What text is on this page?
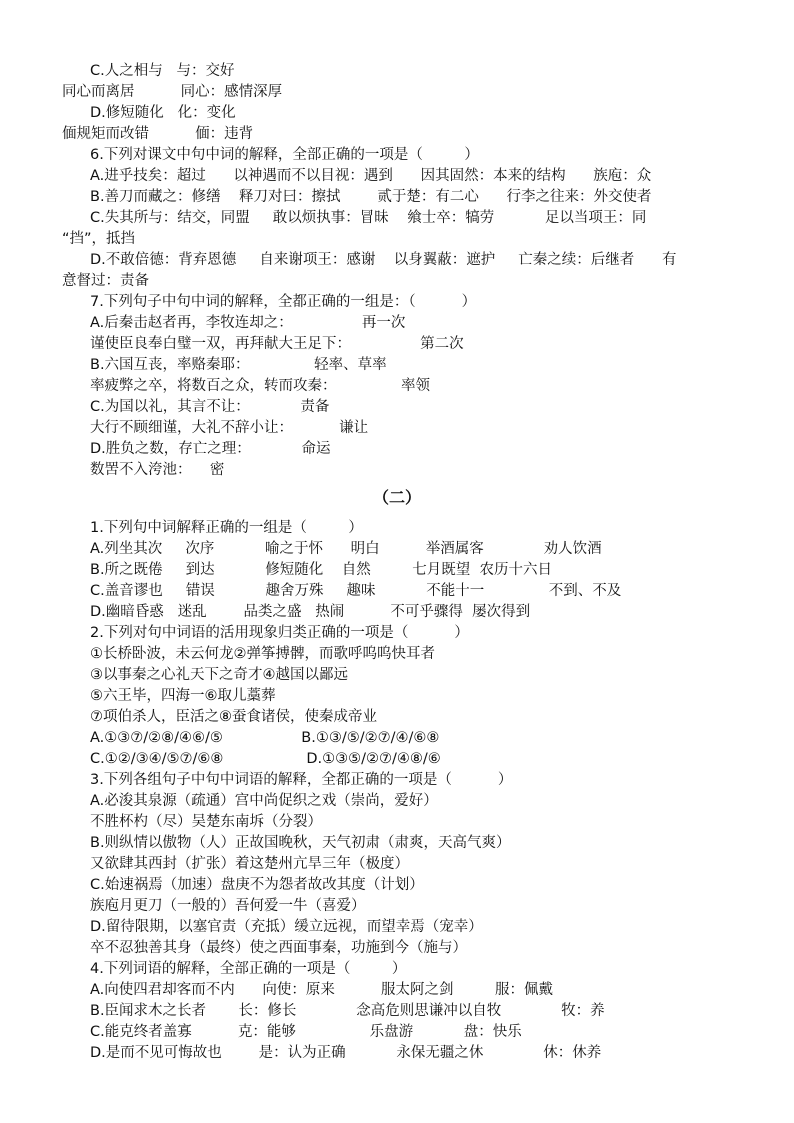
C.人之相与   与：交好
同心而离居          同心：感情深厚
D.修短随化   化：变化
偭规矩而改错          偭：违背
6.下列对课文中句中词的解释，全部正确的一项是（         ）
A.进乎技矣：超过      以神遇而不以目视：遇到      因其固然：本来的结构      族庖：众
B.善刀而藏之：修缮    释刀对曰：擦拭        贰于楚：有二心      行李之往来：外交使者
C.失其所与：结交，同盟     敢以烦执事：冒昧    飨士卒：犒劳           足以当项王：同
“挡”，抵挡
D.不敢倍德：背弃恩德     自来谢项王：感谢    以身翼蔽：遮护     亡秦之续：后继者      有
意督过：责备
7.下列句子中句中词的解释，全都正确的一组是：（          ）
A.后秦击赵者再，李牧连却之：               再一次
谨使臣良奉白璧一双，再拜献大王足下：               第二次
B.六国互丧，率赂秦耶：              轻率、草率
率疲弊之卒，将数百之众，转而攻秦：              率领
C.为国以礼，其言不让：           责备
大行不顾细谨，大礼不辞小让：          谦让
D.胜负之数，存亡之理：           命运
数罟不入洿池：    密
（二）
1.下列句中词解释正确的一组是（         ）
A.列坐其次     次序           喻之于怀      明白          举酒属客             劝人饮酒
B.所之既倦     到达           修短随化    自然         七月既望  农历十六日
C.盖音谬也     错误           趣舍万殊     趣味           不能十一              不到、不及
D.幽暗昏惑   迷乱        品类之盛   热闹          不可乎骤得  屡次得到
2.下列对句中词语的活用现象归类正确的一项是（          ）
①长桥卧波，未云何龙②弹筝搏髀，而歌呼呜呜快耳者
③以事秦之心礼天下之奇才④越国以鄙远
⑤六王毕，四海一⑥取儿藁葬
⑦项伯杀人，臣活之⑧蚕食诸侯，使秦成帝业
A.①③⑦/②⑧/④⑥/⑤                 B.①③/⑤/②⑦/④/⑥⑧
C.①②/③④/⑤⑦/⑥⑧                  D.①③⑤/②⑦/④⑧/⑥
3.下列各组句子中句中词语的解释，全都正确的一项是（          ）
A.必浚其泉源（疏通）宫中尚促织之戏（崇尚，爱好）
不胜杯杓（尽）吴楚东南坼（分裂）
B.则纵情以傲物（人）正故国晚秋，天气初肃（肃爽，天高气爽）
又欲肆其西封（扩张）着这楚州亢旱三年（极度）
C.始速祸焉（加速）盘庚不为怨者故改其度（计划）
族庖月更刀（一般的）吾何爱一牛（喜爱）
D.留待限期，以塞官责（充抵）缓立远视，而望幸焉（宠幸）
卒不忍独善其身（最终）使之西面事秦，功施到今（施与）
4.下列词语的解释，全部正确的一项是（         ）
A.向使四君却客而不内      向使：原来          服太阿之剑         服：佩戴
B.臣闻求木之长者       长：修长             念高危则思谦冲以自牧             牧：养
C.能克终者盖寡          克：能够                乐盘游           盘：快乐
D.是而不见可悔故也        是：认为正确           永保无疆之休             休：休养
